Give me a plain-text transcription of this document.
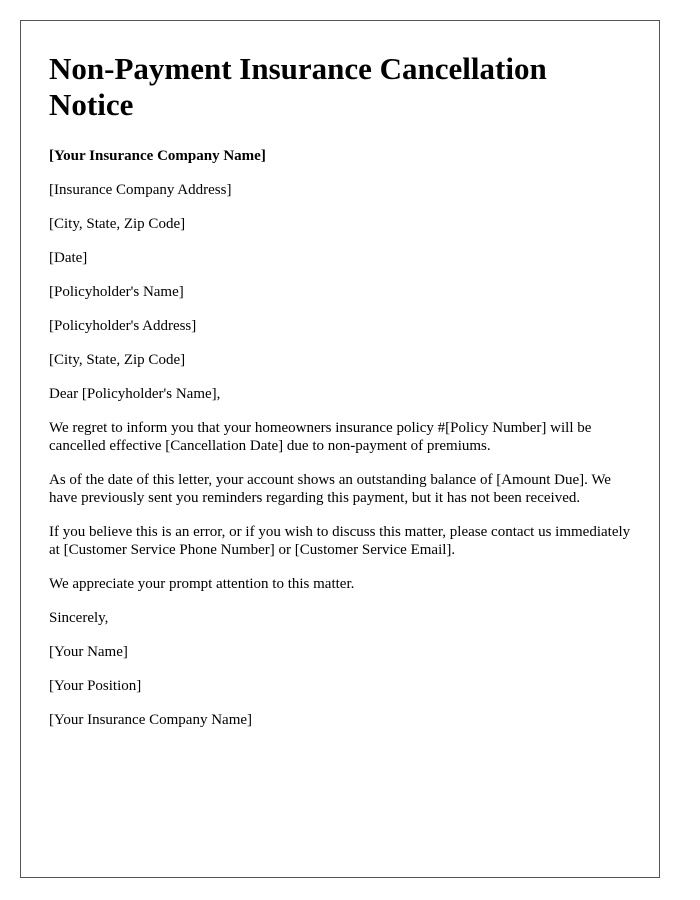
Non-Payment Insurance Cancellation Notice

[Your Insurance Company Name]

[Insurance Company Address]

[City, State, Zip Code]

[Date]

[Policyholder's Name]

[Policyholder's Address]

[City, State, Zip Code]

Dear [Policyholder's Name],

We regret to inform you that your homeowners insurance policy #[Policy Number] will be cancelled effective [Cancellation Date] due to non-payment of premiums.

As of the date of this letter, your account shows an outstanding balance of [Amount Due]. We have previously sent you reminders regarding this payment, but it has not been received.

If you believe this is an error, or if you wish to discuss this matter, please contact us immediately at [Customer Service Phone Number] or [Customer Service Email].

We appreciate your prompt attention to this matter.

Sincerely,

[Your Name]

[Your Position]

[Your Insurance Company Name]
